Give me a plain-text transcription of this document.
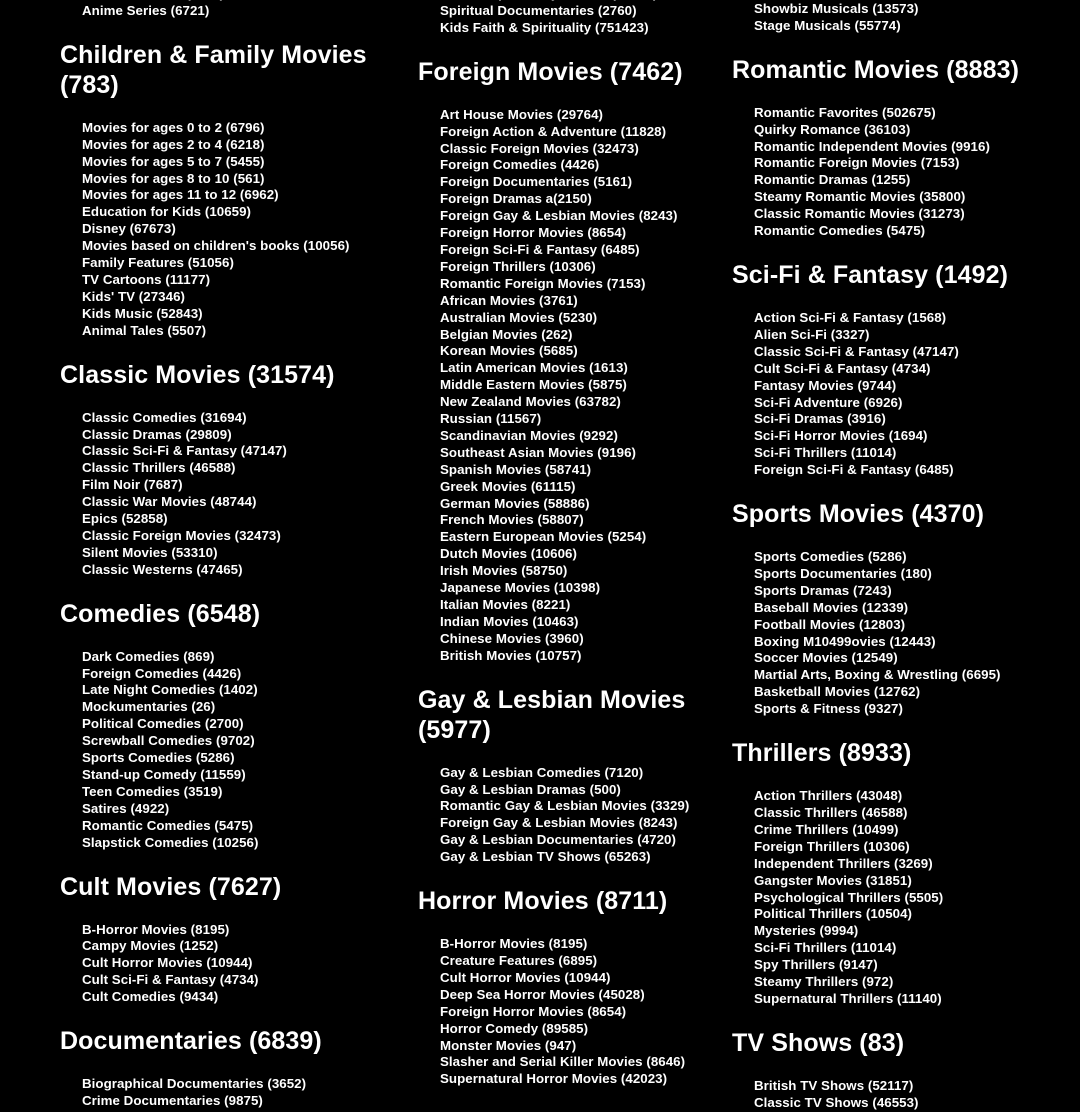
Anime Series (6721)
Children & Family Movies (783)
Movies for ages 0 to 2 (6796)
Movies for ages 2 to 4 (6218)
Movies for ages 5 to 7 (5455)
Movies for ages 8 to 10 (561)
Movies for ages 11 to 12 (6962)
Education for Kids (10659)
Disney (67673)
Movies based on children's books (10056)
Family Features (51056)
TV Cartoons (11177)
Kids' TV (27346)
Kids Music (52843)
Animal Tales (5507)
Classic Movies (31574)
Classic Comedies (31694)
Classic Dramas (29809)
Classic Sci-Fi & Fantasy (47147)
Classic Thrillers (46588)
Film Noir (7687)
Classic War Movies (48744)
Epics (52858)
Classic Foreign Movies (32473)
Silent Movies (53310)
Classic Westerns (47465)
Comedies (6548)
Dark Comedies (869)
Foreign Comedies (4426)
Late Night Comedies (1402)
Mockumentaries (26)
Political Comedies (2700)
Screwball Comedies (9702)
Sports Comedies (5286)
Stand-up Comedy (11559)
Teen Comedies (3519)
Satires (4922)
Romantic Comedies (5475)
Slapstick Comedies (10256)
Cult Movies (7627)
B-Horror Movies (8195)
Campy Movies (1252)
Cult Horror Movies (10944)
Cult Sci-Fi & Fantasy (4734)
Cult Comedies (9434)
Documentaries (6839)
Biographical Documentaries (3652)
Crime Documentaries (9875)
Spiritual Documentaries (2760)
Kids Faith & Spirituality (751423)
Foreign Movies (7462)
Art House Movies (29764)
Foreign Action & Adventure (11828)
Classic Foreign Movies (32473)
Foreign Comedies (4426)
Foreign Documentaries (5161)
Foreign Dramas a(2150)
Foreign Gay & Lesbian Movies (8243)
Foreign Horror Movies (8654)
Foreign Sci-Fi & Fantasy (6485)
Foreign Thrillers (10306)
Romantic Foreign Movies (7153)
African Movies (3761)
Australian Movies (5230)
Belgian Movies (262)
Korean Movies (5685)
Latin American Movies (1613)
Middle Eastern Movies (5875)
New Zealand Movies (63782)
Russian (11567)
Scandinavian Movies (9292)
Southeast Asian Movies (9196)
Spanish Movies (58741)
Greek Movies (61115)
German Movies (58886)
French Movies (58807)
Eastern European Movies (5254)
Dutch Movies (10606)
Irish Movies (58750)
Japanese Movies (10398)
Italian Movies (8221)
Indian Movies (10463)
Chinese Movies (3960)
British Movies (10757)
Gay & Lesbian Movies (5977)
Gay & Lesbian Comedies (7120)
Gay & Lesbian Dramas (500)
Romantic Gay & Lesbian Movies (3329)
Foreign Gay & Lesbian Movies (8243)
Gay & Lesbian Documentaries (4720)
Gay & Lesbian TV Shows (65263)
Horror Movies (8711)
B-Horror Movies (8195)
Creature Features (6895)
Cult Horror Movies (10944)
Deep Sea Horror Movies (45028)
Foreign Horror Movies (8654)
Horror Comedy (89585)
Monster Movies (947)
Slasher and Serial Killer Movies (8646)
Supernatural Horror Movies (42023)
Showbiz Musicals (13573)
Stage Musicals (55774)
Romantic Movies (8883)
Romantic Favorites (502675)
Quirky Romance (36103)
Romantic Independent Movies (9916)
Romantic Foreign Movies (7153)
Romantic Dramas (1255)
Steamy Romantic Movies (35800)
Classic Romantic Movies (31273)
Romantic Comedies (5475)
Sci-Fi & Fantasy (1492)
Action Sci-Fi & Fantasy (1568)
Alien Sci-Fi (3327)
Classic Sci-Fi & Fantasy (47147)
Cult Sci-Fi & Fantasy (4734)
Fantasy Movies (9744)
Sci-Fi Adventure (6926)
Sci-Fi Dramas (3916)
Sci-Fi Horror Movies (1694)
Sci-Fi Thrillers (11014)
Foreign Sci-Fi & Fantasy (6485)
Sports Movies (4370)
Sports Comedies (5286)
Sports Documentaries (180)
Sports Dramas (7243)
Baseball Movies (12339)
Football Movies (12803)
Boxing M10499ovies (12443)
Soccer Movies (12549)
Martial Arts, Boxing & Wrestling (6695)
Basketball Movies (12762)
Sports & Fitness (9327)
Thrillers (8933)
Action Thrillers (43048)
Classic Thrillers (46588)
Crime Thrillers (10499)
Foreign Thrillers (10306)
Independent Thrillers (3269)
Gangster Movies (31851)
Psychological Thrillers (5505)
Political Thrillers (10504)
Mysteries (9994)
Sci-Fi Thrillers (11014)
Spy Thrillers (9147)
Steamy Thrillers (972)
Supernatural Thrillers (11140)
TV Shows (83)
British TV Shows (52117)
Classic TV Shows (46553)
